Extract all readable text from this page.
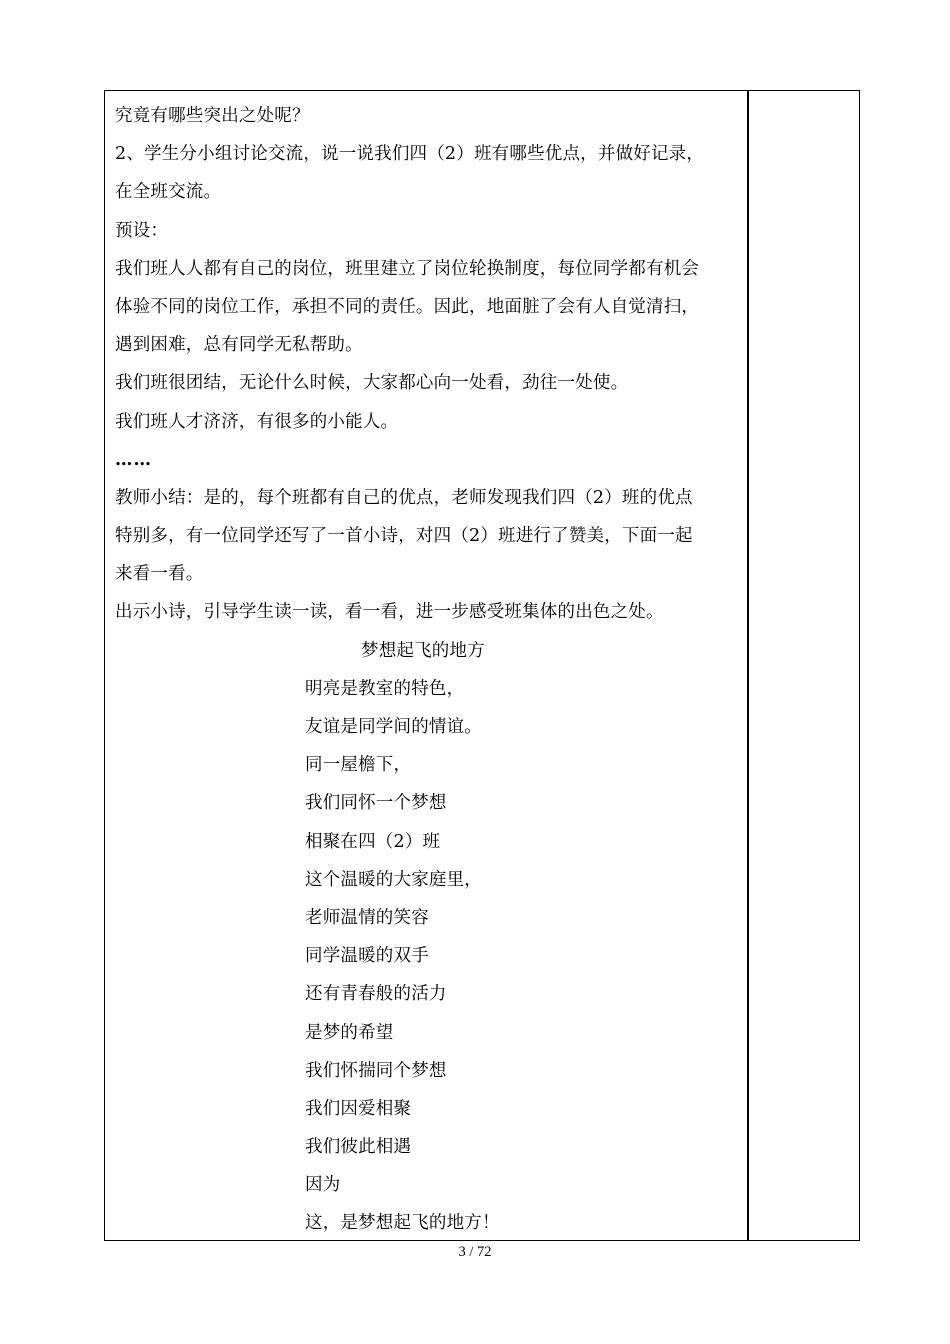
究竟有哪些突出之处呢？
2、学生分小组讨论交流，说一说我们四（2）班有哪些优点，并做好记录，
在全班交流。
预设：
我们班人人都有自己的岗位，班里建立了岗位轮换制度，每位同学都有机会
体验不同的岗位工作，承担不同的责任。因此，地面脏了会有人自觉清扫，
遇到困难，总有同学无私帮助。
我们班很团结，无论什么时候，大家都心向一处看，劲往一处使。
我们班人才济济，有很多的小能人。
……
教师小结：是的，每个班都有自己的优点，老师发现我们四（2）班的优点
特别多，有一位同学还写了一首小诗，对四（2）班进行了赞美，下面一起
来看一看。
出示小诗，引导学生读一读，看一看，进一步感受班集体的出色之处。
梦想起飞的地方
明亮是教室的特色，
友谊是同学间的情谊。
同一屋檐下，
我们同怀一个梦想
相聚在四（2）班
这个温暖的大家庭里，
老师温情的笑容
同学温暖的双手
还有青春般的活力
是梦的希望
我们怀揣同个梦想
我们因爱相聚
我们彼此相遇
因为
这，是梦想起飞的地方！
3 / 72
